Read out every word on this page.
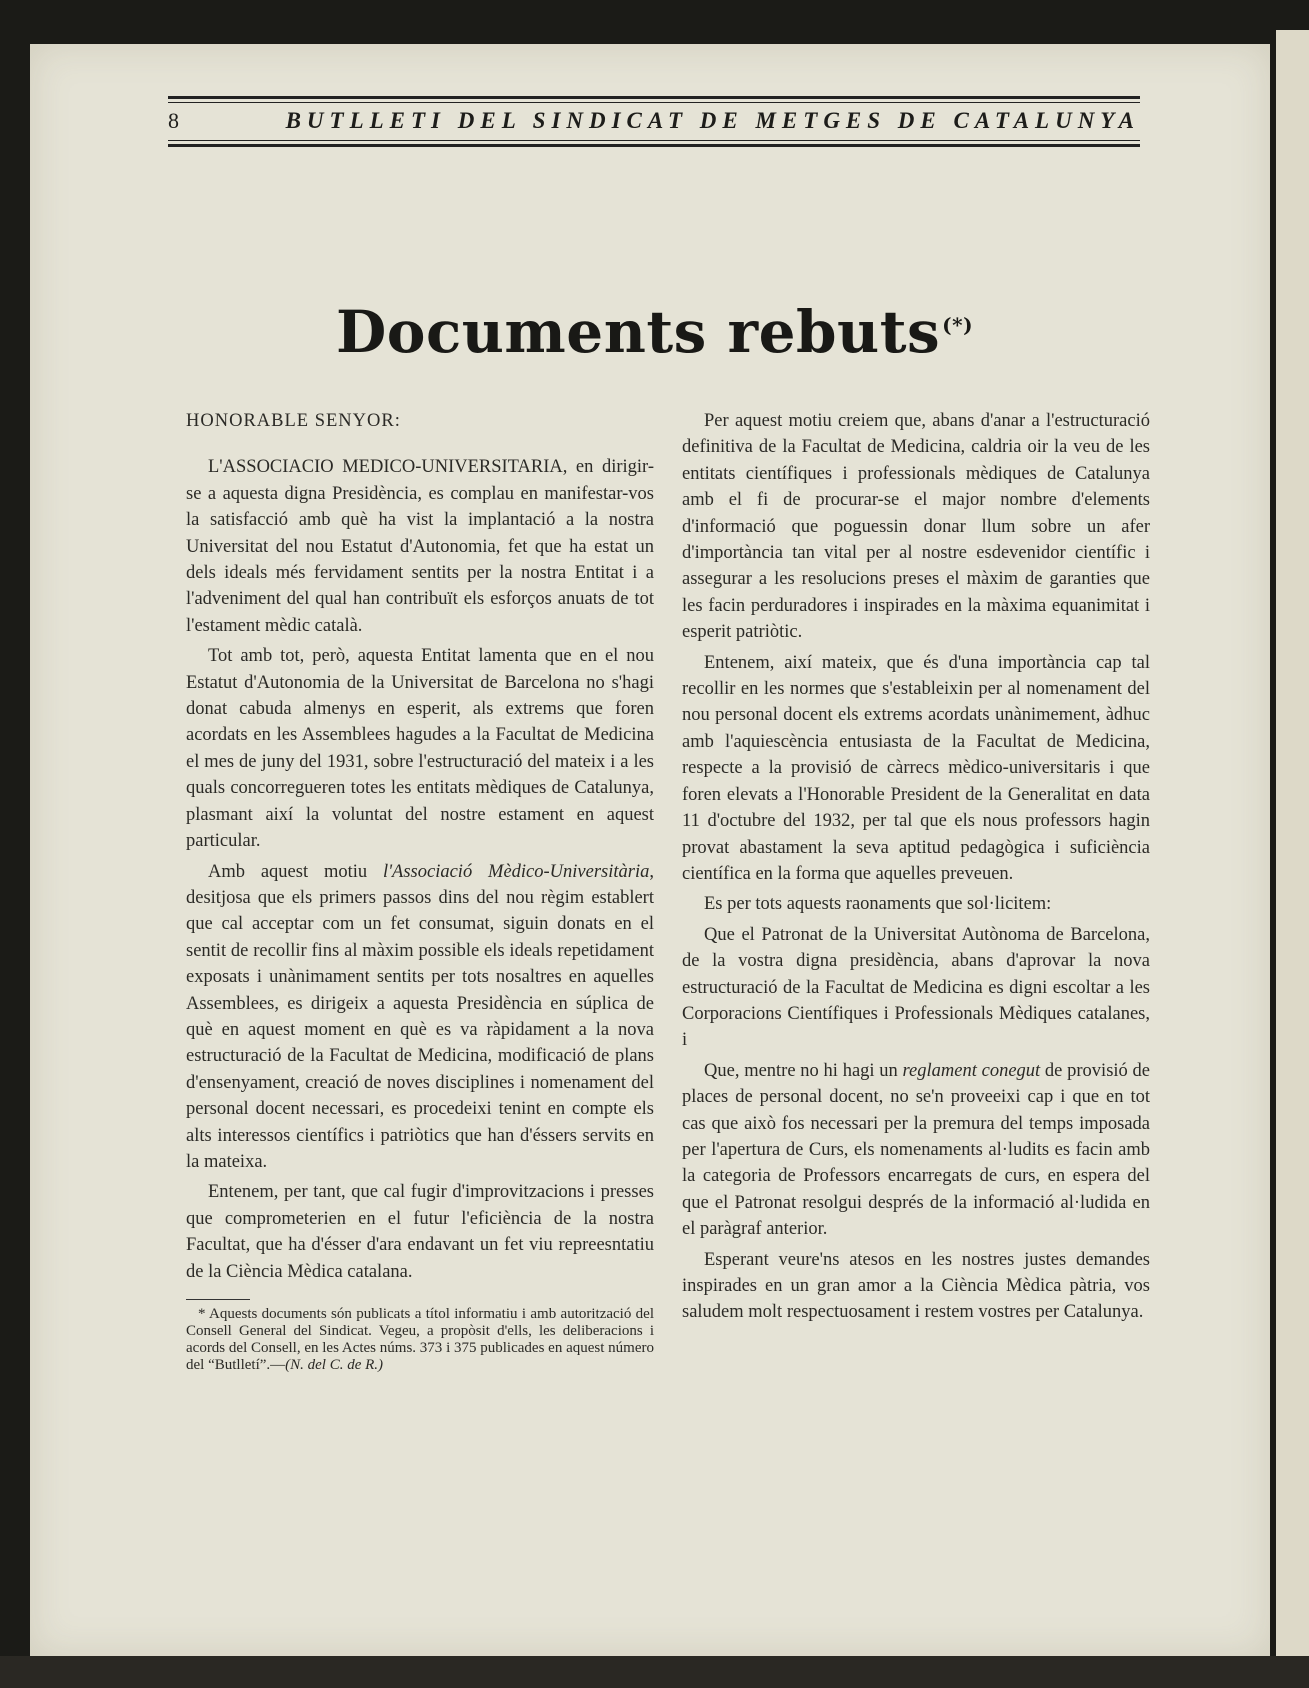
8	BUTLLETI DEL SINDICAT DE METGES DE CATALUNYA
Documents rebuts (*)

HONORABLE SENYOR:

L'ASSOCIACIO MEDICO-UNIVERSITARIA, en dirigir-se a aquesta digna Presidència, es complau en manifestar-vos la satisfacció amb què ha vist la implantació a la nostra Universitat del nou Estatut d'Autonomia, fet que ha estat un dels ideals més fervidament sentits per la nostra Entitat i a l'adveniment del qual han contribuït els esforços anuats de tot l'estament mèdic català.

Tot amb tot, però, aquesta Entitat lamenta que en el nou Estatut d'Autonomia de la Universitat de Barcelona no s'hagi donat cabuda almenys en esperit, als extrems que foren acordats en les Assemblees hagudes a la Facultat de Medicina el mes de juny del 1931, sobre l'estructuració del mateix i a les quals concorregueren totes les entitats mèdiques de Catalunya, plasmant així la voluntat del nostre estament en aquest particular.

Amb aquest motiu l'Associació Mèdico-Universitària, desitjosa que els primers passos dins del nou règim establert que cal acceptar com un fet consumat, siguin donats en el sentit de recollir fins al màxim possible els ideals repetidament exposats i unànimament sentits per tots nosaltres en aquelles Assemblees, es dirigeix a aquesta Presidència en súplica de què en aquest moment en què es va ràpidament a la nova estructuració de la Facultat de Medicina, modificació de plans d'ensenyament, creació de noves disciplines i nomenament del personal docent necessari, es procedeixi tenint en compte els alts interessos científics i patriòtics que han d'éssers servits en la mateixa.

Entenem, per tant, que cal fugir d'improvitzacions i presses que comprometerien en el futur l'eficiència de la nostra Facultat, que ha d'ésser d'ara endavant un fet viu repreesntatiu de la Ciència Mèdica catalana.

* Aquests documents són publicats a títol informatiu i amb autorització del Consell General del Sindicat. Vegeu, a propòsit d'ells, les deliberacions i acords del Consell, en les Actes núms. 373 i 375 publicades en aquest número del “Butlletí”.—(N. del C. de R.)

Per aquest motiu creiem que, abans d'anar a l'estructuració definitiva de la Facultat de Medicina, caldria oir la veu de les entitats científiques i professionals mèdiques de Catalunya amb el fi de procurar-se el major nombre d'elements d'informació que poguessin donar llum sobre un afer d'importància tan vital per al nostre esdevenidor científic i assegurar a les resolucions preses el màxim de garanties que les facin perduradores i inspirades en la màxima equanimitat i esperit patriòtic.

Entenem, així mateix, que és d'una importància cap tal recollir en les normes que s'estableixin per al nomenament del nou personal docent els extrems acordats unànimement, àdhuc amb l'aquiescència entusiasta de la Facultat de Medicina, respecte a la provisió de càrrecs mèdico-universitaris i que foren elevats a l'Honorable President de la Generalitat en data 11 d'octubre del 1932, per tal que els nous professors hagin provat abastament la seva aptitud pedagògica i suficiència científica en la forma que aquelles preveuen.

Es per tots aquests raonaments que sol·licitem:

Que el Patronat de la Universitat Autònoma de Barcelona, de la vostra digna presidència, abans d'aprovar la nova estructuració de la Facultat de Medicina es digni escoltar a les Corporacions Científiques i Professionals Mèdiques catalanes, i

Que, mentre no hi hagi un reglament conegut de provisió de places de personal docent, no se'n proveeixi cap i que en tot cas que això fos necessari per la premura del temps imposada per l'apertura de Curs, els nomenaments al·ludits es facin amb la categoria de Professors encarregats de curs, en espera del que el Patronat resolgui després de la informació al·ludida en el paràgraf anterior.

Esperant veure'ns atesos en les nostres justes demandes inspirades en un gran amor a la Ciència Mèdica pàtria, vos saludem molt respectuosament i restem vostres per Catalunya.
